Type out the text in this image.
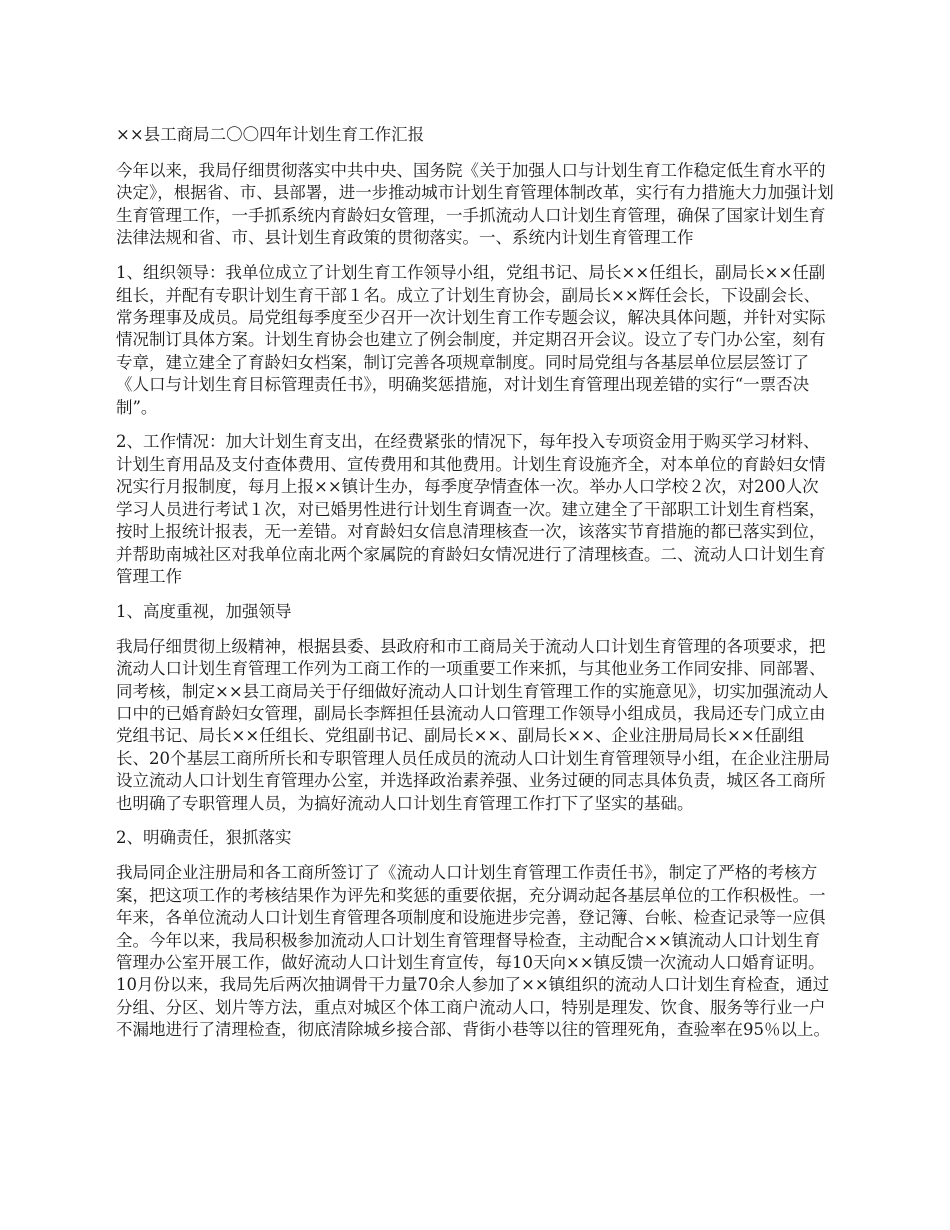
××县工商局二〇〇四年计划生育工作汇报

今年以来，我局仔细贯彻落实中共中央、国务院《关于加强人口与计划生育工作稳定低生育水平的决定》，根据省、市、县部署，进一步推动城市计划生育管理体制改革，实行有力措施大力加强计划生育管理工作，一手抓系统内育龄妇女管理，一手抓流动人口计划生育管理，确保了国家计划生育法律法规和省、市、县计划生育政策的贯彻落实。一、系统内计划生育管理工作

1、组织领导：我单位成立了计划生育工作领导小组，党组书记、局长××任组长，副局长××任副组长，并配有专职计划生育干部１名。成立了计划生育协会，副局长××辉任会长，下设副会长、常务理事及成员。局党组每季度至少召开一次计划生育工作专题会议，解决具体问题，并针对实际情况制订具体方案。计划生育协会也建立了例会制度，并定期召开会议。设立了专门办公室，刻有专章，建立建全了育龄妇女档案，制订完善各项规章制度。同时局党组与各基层单位层层签订了《人口与计划生育目标管理责任书》，明确奖惩措施，对计划生育管理出现差错的实行“一票否决制”。

2、工作情况：加大计划生育支出，在经费紧张的情况下，每年投入专项资金用于购买学习材料、计划生育用品及支付查体费用、宣传费用和其他费用。计划生育设施齐全，对本单位的育龄妇女情况实行月报制度，每月上报××镇计生办，每季度孕情查体一次。举办人口学校２次，对200人次学习人员进行考试１次，对已婚男性进行计划生育调查一次。建立建全了干部职工计划生育档案，按时上报统计报表，无一差错。对育龄妇女信息清理核查一次，该落实节育措施的都已落实到位，并帮助南城社区对我单位南北两个家属院的育龄妇女情况进行了清理核查。二、流动人口计划生育管理工作

1、高度重视，加强领导

我局仔细贯彻上级精神，根据县委、县政府和市工商局关于流动人口计划生育管理的各项要求，把流动人口计划生育管理工作列为工商工作的一项重要工作来抓，与其他业务工作同安排、同部署、同考核，制定××县工商局关于仔细做好流动人口计划生育管理工作的实施意见》，切实加强流动人口中的已婚育龄妇女管理，副局长李辉担任县流动人口管理工作领导小组成员，我局还专门成立由党组书记、局长××任组长、党组副书记、副局长××、副局长××、企业注册局局长××任副组长、20个基层工商所所长和专职管理人员任成员的流动人口计划生育管理领导小组，在企业注册局设立流动人口计划生育管理办公室，并选择政治素养强、业务过硬的同志具体负责，城区各工商所也明确了专职管理人员，为搞好流动人口计划生育管理工作打下了坚实的基础。

2、明确责任，狠抓落实

我局同企业注册局和各工商所签订了《流动人口计划生育管理工作责任书》，制定了严格的考核方案，把这项工作的考核结果作为评先和奖惩的重要依据，充分调动起各基层单位的工作积极性。一年来，各单位流动人口计划生育管理各项制度和设施进步完善，登记簿、台帐、检查记录等一应俱全。今年以来，我局积极参加流动人口计划生育管理督导检查，主动配合××镇流动人口计划生育管理办公室开展工作，做好流动人口计划生育宣传，每10天向××镇反馈一次流动人口婚育证明。10月份以来，我局先后两次抽调骨干力量70余人参加了××镇组织的流动人口计划生育检查，通过分组、分区、划片等方法，重点对城区个体工商户流动人口，特别是理发、饮食、服务等行业一户不漏地进行了清理检查，彻底清除城乡接合部、背街小巷等以往的管理死角，查验率在95％以上。
